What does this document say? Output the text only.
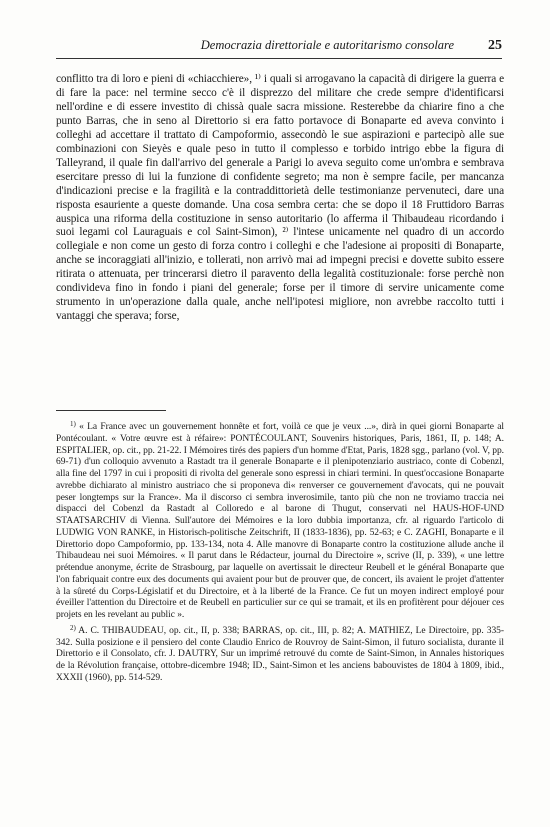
Democrazia direttoriale e autoritarismo consolare 25

conflitto tra di loro e pieni di «chiacchiere», ¹⁾ i quali si arrogavano la capacità di dirigere la guerra e di fare la pace: nel termine secco c'è il disprezzo del militare che crede sempre d'identificarsi nell'ordine e di essere investito di chissà quale sacra missione. Resterebbe da chiarire fino a che punto Barras, che in seno al Direttorio si era fatto portavoce di Bonaparte ed aveva convinto i colleghi ad accettare il trattato di Campoformio, assecondò le sue aspirazioni e partecipò alle sue combinazioni con Sieyès e quale peso in tutto il complesso e torbido intrigo ebbe la figura di Talleyrand, il quale fin dall'arrivo del generale a Parigi lo aveva seguito come un'ombra e sembrava esercitare presso di lui la funzione di confidente segreto; ma non è sempre facile, per mancanza d'indicazioni precise e la fragilità e la contraddittorietà delle testimonianze pervenuteci, dare una risposta esauriente a queste domande. Una cosa sembra certa: che se dopo il 18 Fruttidoro Barras auspica una riforma della costituzione in senso autoritario (lo afferma il Thibaudeau ricordando i suoi legami col Lauraguais e col Saint-Simon), ²⁾ l'intese unicamente nel quadro di un accordo collegiale e non come un gesto di forza contro i colleghi e che l'adesione ai propositi di Bonaparte, anche se incoraggiati all'inizio, e tollerati, non arrivò mai ad impegni precisi e dovette subito essere ritirata o attenuata, per trincerarsi dietro il paravento della legalità costituzionale: forse perchè non condivideva fino in fondo i piani del generale; forse per il timore di servire unicamente come strumento in un'operazione dalla quale, anche nell'ipotesi migliore, non avrebbe raccolto tutti i vantaggi che sperava; forse,

$^{1)}$ « La France avec un gouvernement honnête et fort, voilà ce que je veux ...», dirà in quei giorni Bonaparte al Pontécoulant. « Votre œuvre est à réfaire»: PONTÉCOULANT, Souvenirs historiques, Paris, 1861, II, p. 148; A. ESPITALIER, op. cit., pp. 21-22. I Mémoires tirés des papiers d'un homme d'Etat, Paris, 1828 sgg., parlano (vol. V, pp. 69-71) d'un colloquio avvenuto a Rastadt tra il generale Bonaparte e il plenipotenziario austriaco, conte di Cobenzl, alla fine del 1797 in cui i propositi di rivolta del generale sono espressi in chiari termini. In quest'occasione Bonaparte avrebbe dichiarato al ministro austriaco che si proponeva di« renverser ce gouvernement d'avocats, qui ne pouvait peser longtemps sur la France». Ma il discorso ci sembra inverosimile, tanto più che non ne troviamo traccia nei dispacci del Cobenzl da Rastadt al Colloredo e al barone di Thugut, conservati nel HAUS-HOF-UND STAATSARCHIV di Vienna. Sull'autore dei Mémoires e la loro dubbia importanza, cfr. al riguardo l'articolo di LUDWIG VON RANKE, in Historisch-politische Zeitschrift, II (1833-1836), pp. 52-63; e C. ZAGHI, Bonaparte e il Direttorio dopo Campoformio, pp. 133-134, nota 4. Alle manovre di Bonaparte contro la costituzione allude anche il Thibaudeau nei suoi Mémoires. « Il parut dans le Rédacteur, journal du Directoire », scrive (II, p. 339), « une lettre prétendue anonyme, écrite de Strasbourg, par laquelle on avertissait le directeur Reubell et le général Bonaparte que l'on fabriquait contre eux des documents qui avaient pour but de prouver que, de concert, ils avaient le projet d'attenter à la sûreté du Corps-Législatif et du Directoire, et à la liberté de la France. Ce fut un moyen indirect employé pour éveiller l'attention du Directoire et de Reubell en particulier sur ce qui se tramait, et ils en profitèrent pour déjouer ces projets en les revelant au public ».

$^{2)}$ A. C. THIBAUDEAU, op. cit., II, p. 338; BARRAS, op. cit., III, p. 82; A. MATHIEZ, Le Directoire, pp. 335-342. Sulla posizione e il pensiero del conte Claudio Enrico de Rouvroy de Saint-Simon, il futuro socialista, durante il Direttorio e il Consolato, cfr. J. DAUTRY, Sur un imprimé retrouvé du comte de Saint-Simon, in Annales historiques de la Révolution française, ottobre-dicembre 1948; ID., Saint-Simon et les anciens babouvistes de 1804 à 1809, ibid., XXXII (1960), pp. 514-529.
